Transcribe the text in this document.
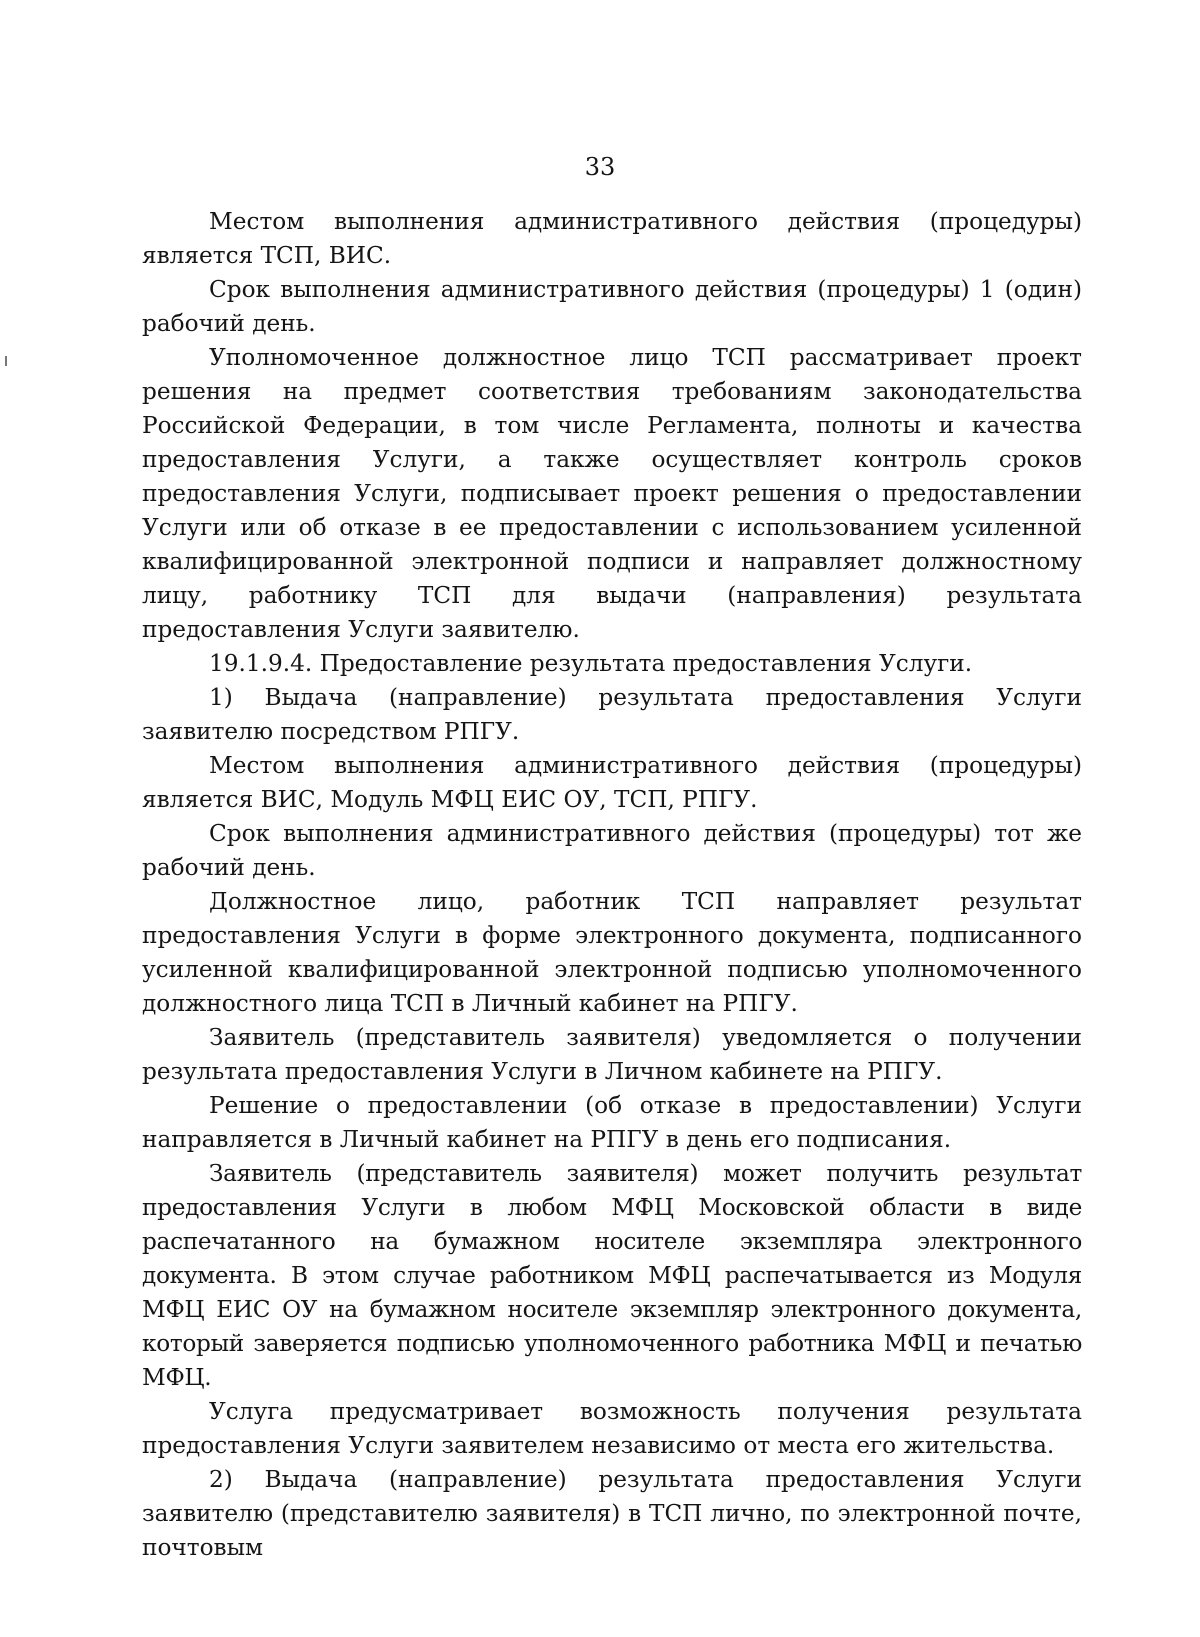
33

Местом выполнения административного действия (процедуры) является ТСП, ВИС.

Срок выполнения административного действия (процедуры) 1 (один) рабочий день.

Уполномоченное должностное лицо ТСП рассматривает проект решения на предмет соответствия требованиям законодательства Российской Федерации, в том числе Регламента, полноты и качества предоставления Услуги, а также осуществляет контроль сроков предоставления Услуги, подписывает проект решения о предоставлении Услуги или об отказе в ее предоставлении с использованием усиленной квалифицированной электронной подписи и направляет должностному лицу, работнику ТСП для выдачи (направления) результата предоставления Услуги заявителю.

19.1.9.4. Предоставление результата предоставления Услуги.

1) Выдача (направление) результата предоставления Услуги заявителю посредством РПГУ.

Местом выполнения административного действия (процедуры) является ВИС, Модуль МФЦ ЕИС ОУ, ТСП, РПГУ.

Срок выполнения административного действия (процедуры) тот же рабочий день.

Должностное лицо, работник ТСП направляет результат предоставления Услуги в форме электронного документа, подписанного усиленной квалифицированной электронной подписью уполномоченного должностного лица ТСП в Личный кабинет на РПГУ.

Заявитель (представитель заявителя) уведомляется о получении результата предоставления Услуги в Личном кабинете на РПГУ.

Решение о предоставлении (об отказе в предоставлении) Услуги направляется в Личный кабинет на РПГУ в день его подписания.

Заявитель (представитель заявителя) может получить результат предоставления Услуги в любом МФЦ Московской области в виде распечатанного на бумажном носителе экземпляра электронного документа. В этом случае работником МФЦ распечатывается из Модуля МФЦ ЕИС ОУ на бумажном носителе экземпляр электронного документа, который заверяется подписью уполномоченного работника МФЦ и печатью МФЦ.

Услуга предусматривает возможность получения результата предоставления Услуги заявителем независимо от места его жительства.

2) Выдача (направление) результата предоставления Услуги заявителю (представителю заявителя) в ТСП лично, по электронной почте, почтовым
